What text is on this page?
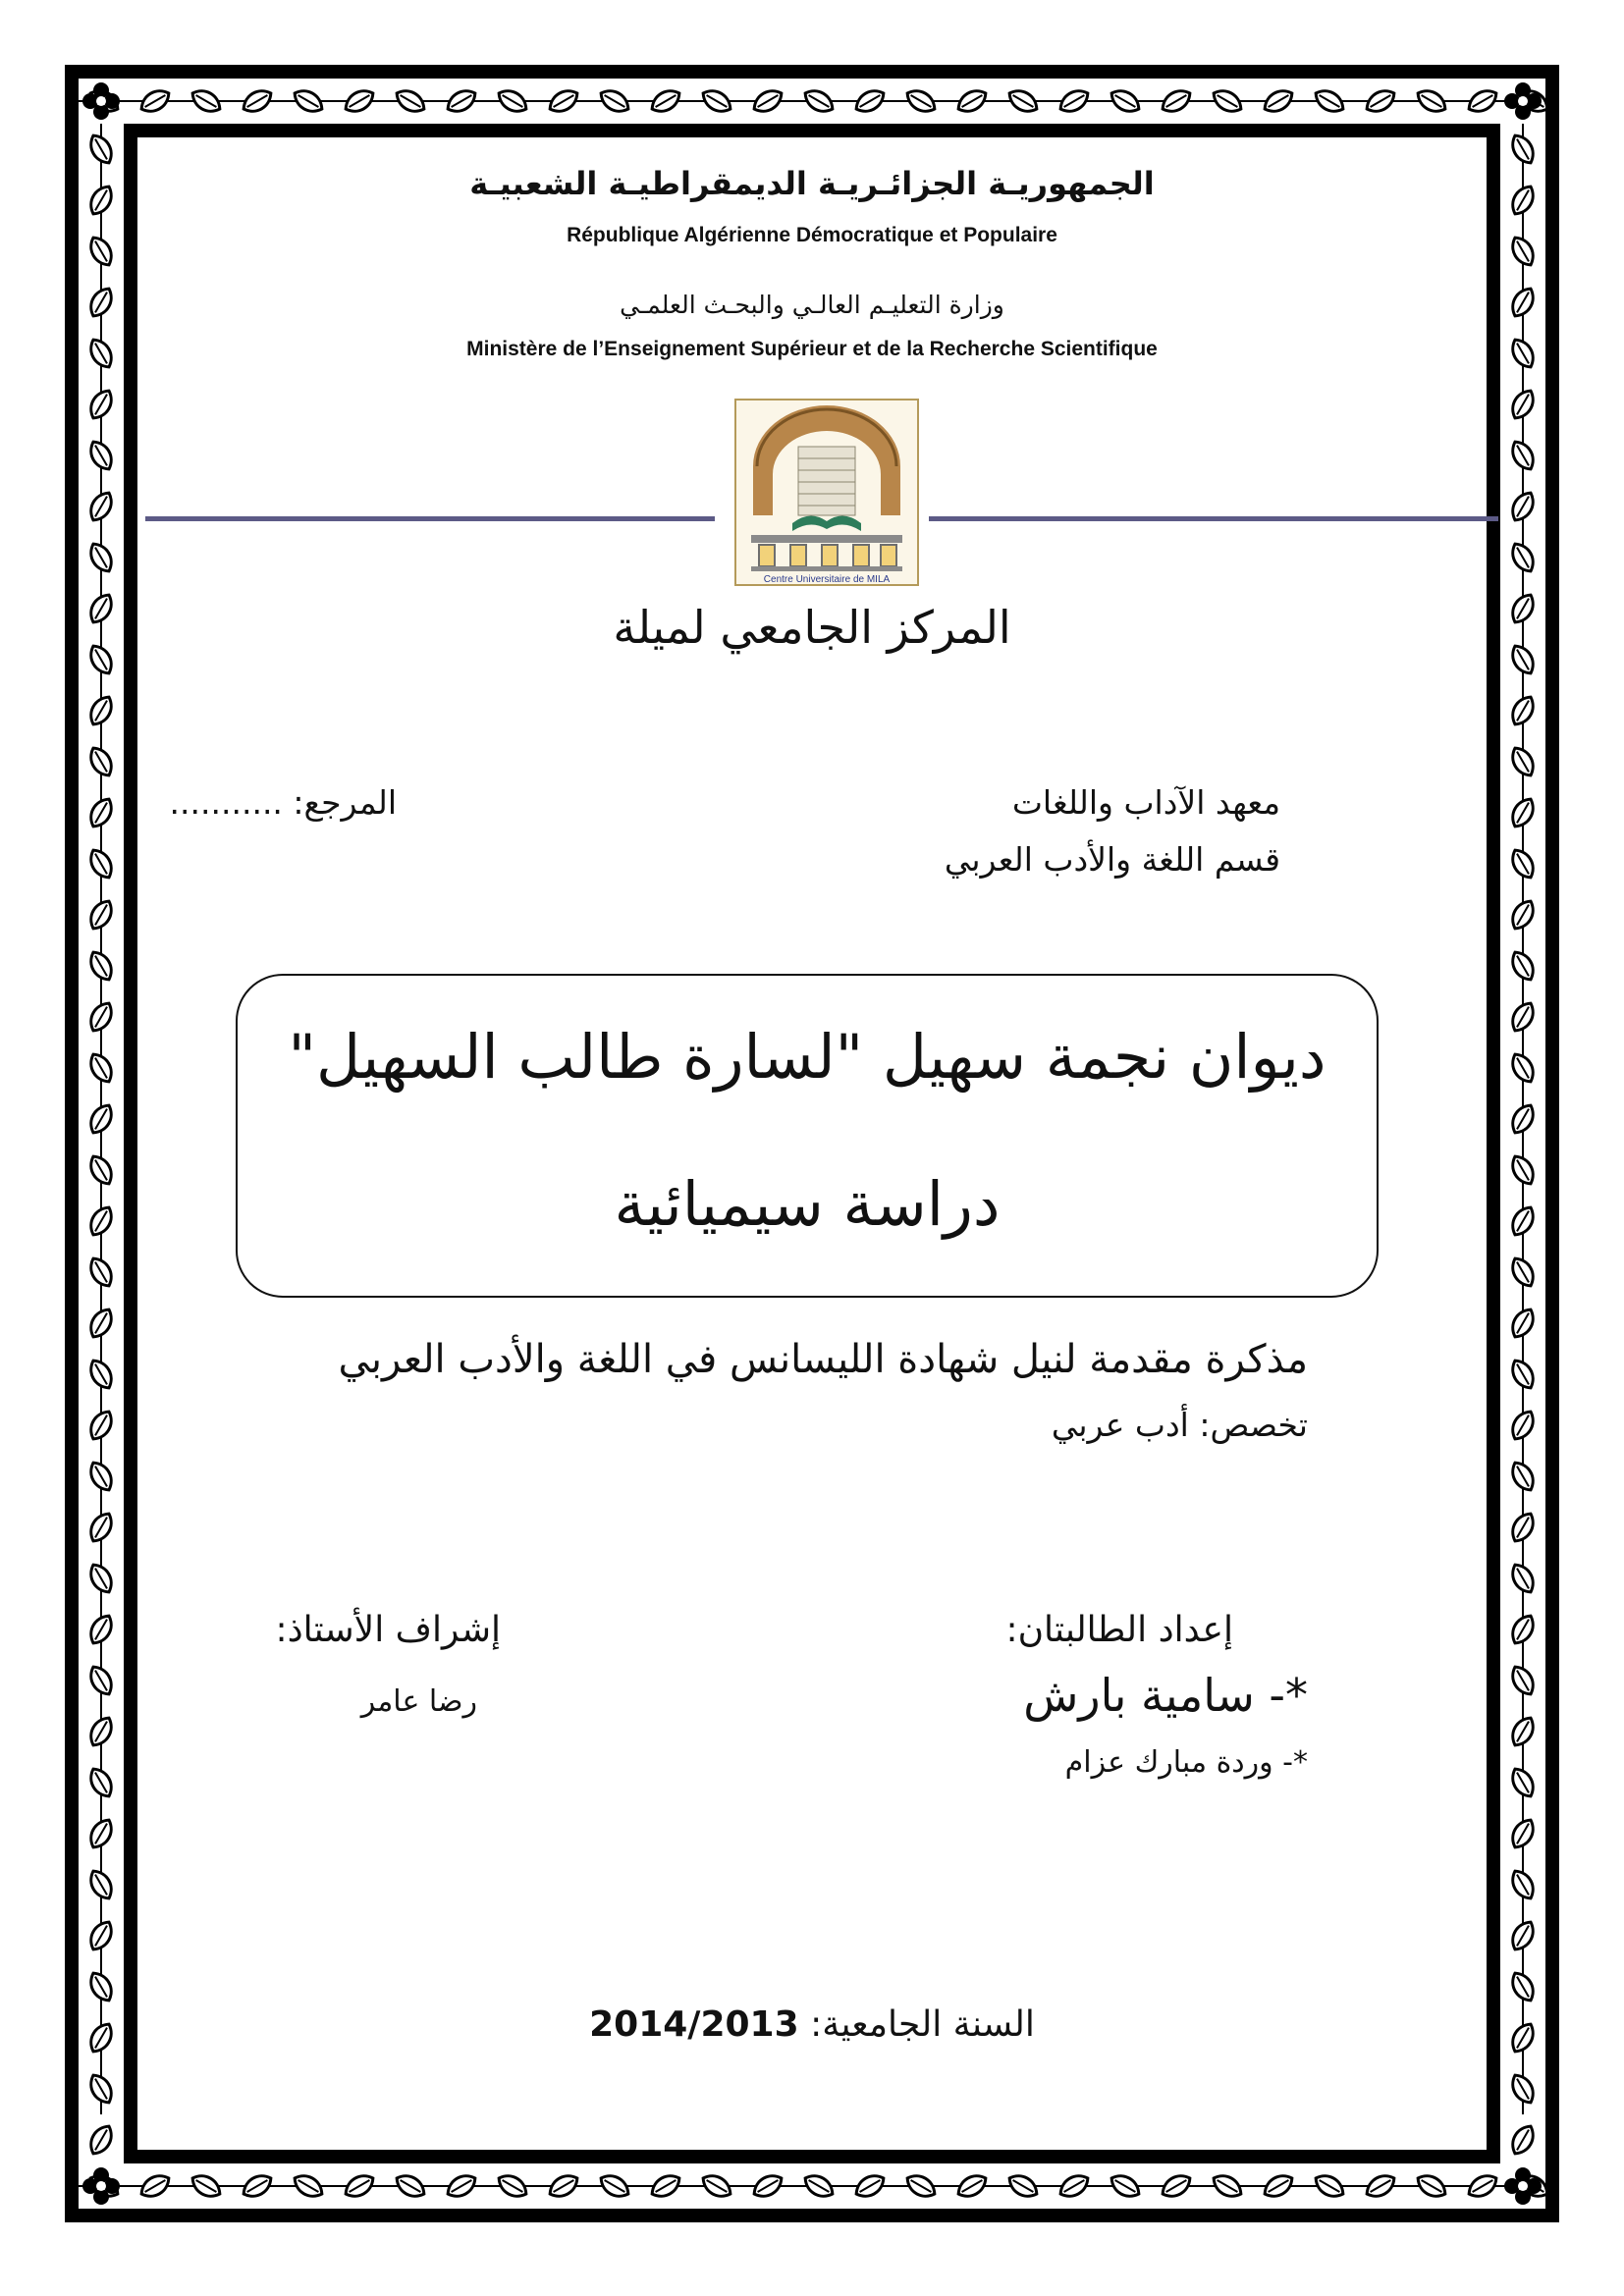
الجمهوريـة الجزائـريـة الديمقراطيـة الشعبيـة
République Algérienne Démocratique et Populaire
وزارة التعليـم العالـي والبحـث العلمـي
Ministère de l’Enseignement Supérieur et de la Recherche Scientifique
Centre Universitaire de MILA
المركز الجامعي لميلة
معهد الآداب واللغات
قسم اللغة والأدب العربي
المرجع: ...........
ديوان نجمة سهيل "لسارة طالب السهيل"
دراسة سيميائية
مذكرة مقدمة لنيل شهادة الليسانس في اللغة والأدب العربي
تخصص: أدب عربي
إعداد الطالبتان:
إشراف الأستاذ:
*- سامية بارش
رضا عامر
*- وردة مبارك عزام
السنة الجامعية: 2014/2013
